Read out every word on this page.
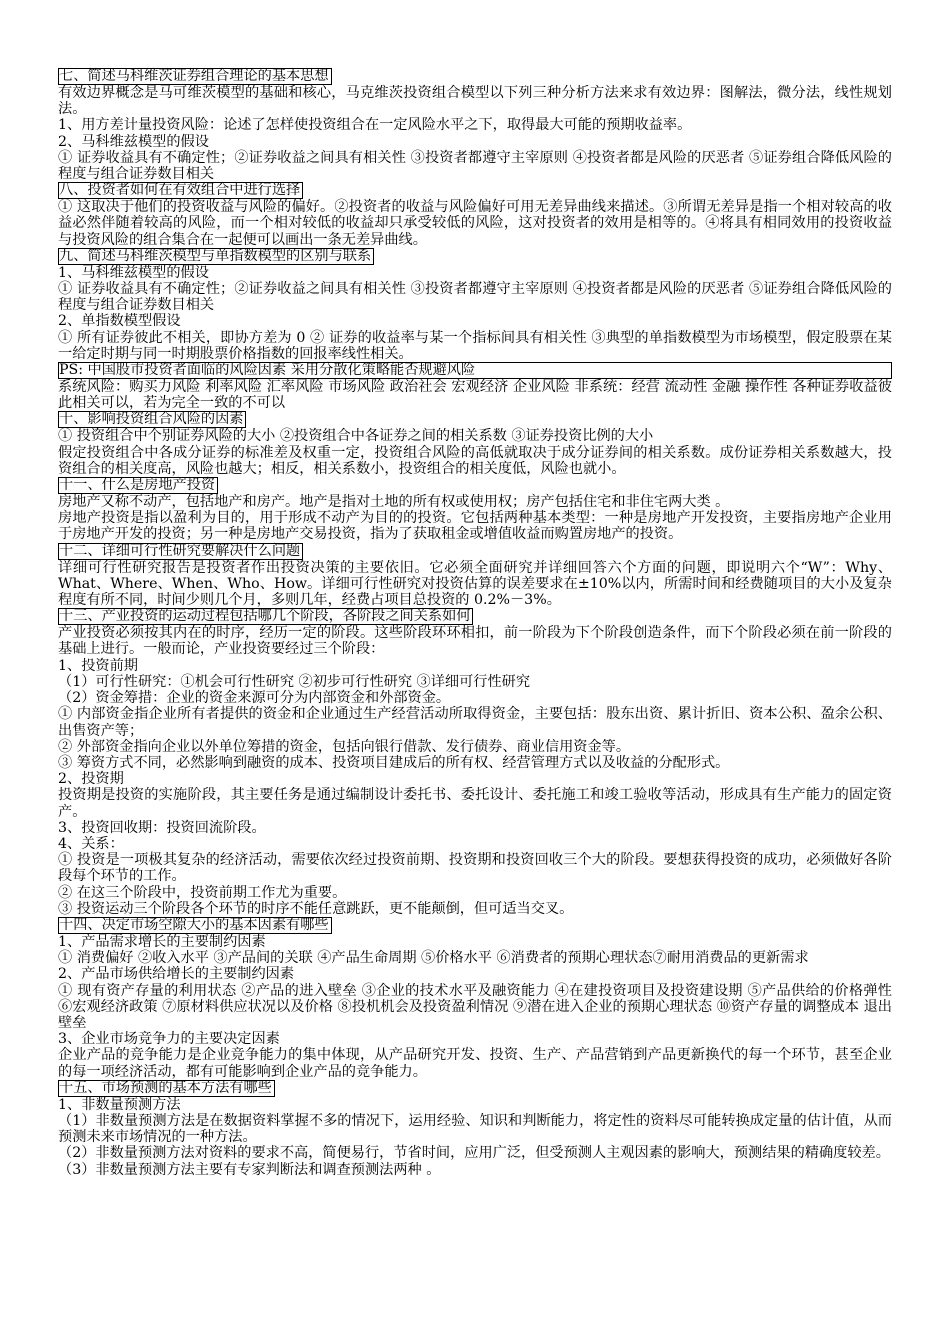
七、简述马科维茨证券组合理论的基本思想
有效边界概念是马可维茨模型的基础和核心，马克维茨投资组合模型以下列三种分析方法来求有效边界：图解法，微分法，线性规划法。
1、用方差计量投资风险：论述了怎样使投资组合在一定风险水平之下，取得最大可能的预期收益率。
2、马科维兹模型的假设
① 证券收益具有不确定性；②证券收益之间具有相关性 ③投资者都遵守主宰原则 ④投资者都是风险的厌恶者 ⑤证券组合降低风险的程度与组合证券数目相关
八、投资者如何在有效组合中进行选择
① 这取决于他们的投资收益与风险的偏好。②投资者的收益与风险偏好可用无差异曲线来描述。③所谓无差异是指一个相对较高的收益必然伴随着较高的风险，而一个相对较低的收益却只承受较低的风险，这对投资者的效用是相等的。④将具有相同效用的投资收益与投资风险的组合集合在一起便可以画出一条无差异曲线。
九、简述马科维茨模型与单指数模型的区别与联系
1、马科维兹模型的假设
① 证券收益具有不确定性；②证券收益之间具有相关性 ③投资者都遵守主宰原则 ④投资者都是风险的厌恶者 ⑤证券组合降低风险的程度与组合证券数目相关
2、单指数模型假设
① 所有证券彼此不相关，即协方差为 0 ② 证券的收益率与某一个指标间具有相关性 ③典型的单指数模型为市场模型，假定股票在某一给定时期与同一时期股票价格指数的回报率线性相关。
PS: 中国股市投资者面临的风险因素 采用分散化策略能否规避风险
系统风险：购买力风险 利率风险 汇率风险 市场风险 政治社会 宏观经济 企业风险 非系统：经营 流动性 金融 操作性 各种证券收益彼此相关可以，若为完全一致的不可以
十、影响投资组合风险的因素
① 投资组合中个别证券风险的大小 ②投资组合中各证券之间的相关系数 ③证券投资比例的大小
假定投资组合中各成分证券的标准差及权重一定，投资组合风险的高低就取决于成分证券间的相关系数。成份证券相关系数越大，投资组合的相关度高，风险也越大；相反，相关系数小，投资组合的相关度低，风险也就小。
十一、什么是房地产投资
房地产又称不动产，包括地产和房产。地产是指对土地的所有权或使用权；房产包括住宅和非住宅两大类 。
房地产投资是指以盈利为目的，用于形成不动产为目的的投资。它包括两种基本类型：一种是房地产开发投资，主要指房地产企业用于房地产开发的投资；另一种是房地产交易投资，指为了获取租金或增值收益而购置房地产的投资。
十二、详细可行性研究要解决什么问题
详细可行性研究报告是投资者作出投资决策的主要依旧。它必须全面研究并详细回答六个方面的问题，即说明六个“W”：Why、What、Where、When、Who、How。详细可行性研究对投资估算的误差要求在±10%以内，所需时间和经费随项目的大小及复杂程度有所不同，时间少则几个月，多则几年，经费占项目总投资的 0.2%－3%。
十三、产业投资的运动过程包括哪几个阶段，各阶段之间关系如何
产业投资必须按其内在的时序，经历一定的阶段。这些阶段环环相扣，前一阶段为下个阶段创造条件，而下个阶段必须在前一阶段的基础上进行。一般而论，产业投资要经过三个阶段：
1、投资前期
（1）可行性研究：①机会可行性研究 ②初步可行性研究 ③详细可行性研究
（2）资金筹措：企业的资金来源可分为内部资金和外部资金。
① 内部资金指企业所有者提供的资金和企业通过生产经营活动所取得资金，主要包括：股东出资、累计折旧、资本公积、盈余公积、出售资产等；
② 外部资金指向企业以外单位筹措的资金，包括向银行借款、发行债券、商业信用资金等。
③ 筹资方式不同，必然影响到融资的成本、投资项目建成后的所有权、经营管理方式以及收益的分配形式。
2、投资期
投资期是投资的实施阶段，其主要任务是通过编制设计委托书、委托设计、委托施工和竣工验收等活动，形成具有生产能力的固定资产。
3、投资回收期：投资回流阶段。
4、关系：
① 投资是一项极其复杂的经济活动，需要依次经过投资前期、投资期和投资回收三个大的阶段。要想获得投资的成功，必须做好各阶段每个环节的工作。
② 在这三个阶段中，投资前期工作尤为重要。
③ 投资运动三个阶段各个环节的时序不能任意跳跃，更不能颠倒，但可适当交叉。
十四、决定市场空隙大小的基本因素有哪些
1、产品需求增长的主要制约因素
① 消费偏好 ②收入水平 ③产品间的关联 ④产品生命周期 ⑤价格水平 ⑥消费者的预期心理状态⑦耐用消费品的更新需求
2、产品市场供给增长的主要制约因素
① 现有资产存量的利用状态 ②产品的进入壁垒 ③企业的技术水平及融资能力 ④在建投资项目及投资建设期 ⑤产品供给的价格弹性 ⑥宏观经济政策 ⑦原材料供应状况以及价格 ⑧投机机会及投资盈利情况 ⑨潜在进入企业的预期心理状态 ⑩资产存量的调整成本 退出壁垒
3、企业市场竞争力的主要决定因素
企业产品的竞争能力是企业竞争能力的集中体现，从产品研究开发、投资、生产、产品营销到产品更新换代的每一个环节，甚至企业的每一项经济活动，都有可能影响到企业产品的竞争能力。
十五、市场预测的基本方法有哪些
1、非数量预测方法
（1）非数量预测方法是在数据资料掌握不多的情况下，运用经验、知识和判断能力，将定性的资料尽可能转换成定量的估计值，从而预测未来市场情况的一种方法。
（2）非数量预测方法对资料的要求不高，简便易行，节省时间，应用广泛，但受预测人主观因素的影响大，预测结果的精确度较差。
（3）非数量预测方法主要有专家判断法和调查预测法两种 。
